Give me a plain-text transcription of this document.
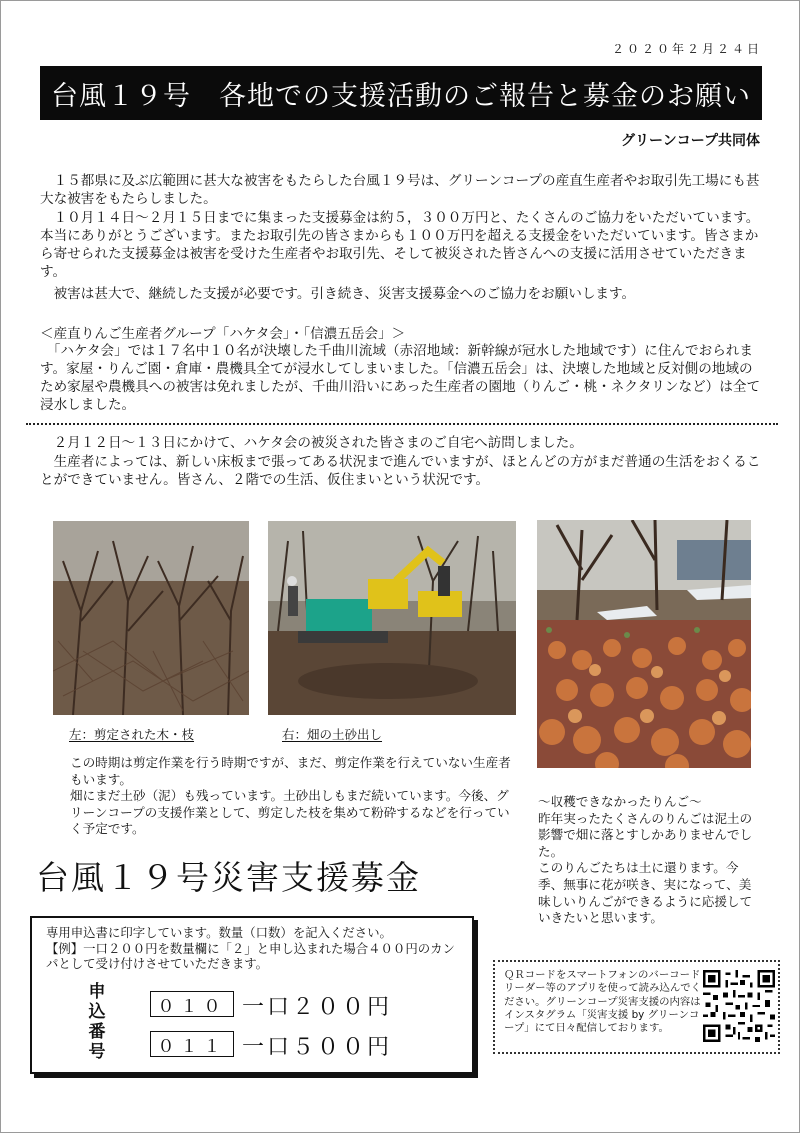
２０２０年２月２４日
台風１９号　各地での支援活動のご報告と募金のお願い
グリーンコープ共同体

　１５都県に及ぶ広範囲に甚大な被害をもたらした台風１９号は、グリーンコープの産直生産者やお取引先工場にも甚大な被害をもたらしました。

　１０月１４日～２月１５日までに集まった支援募金は約５，３００万円と、たくさんのご協力をいただいています。本当にありがとうございます。またお取引先の皆さまからも１００万円を超える支援金をいただいています。皆さまから寄せられた支援募金は被害を受けた生産者やお取引先、そして被災された皆さんへの支援に活用させていただきます。

　被害は甚大で、継続した支援が必要です。引き続き、災害支援募金へのご協力をお願いします。

＜産直りんご生産者グループ「ハケタ会」・「信濃五岳会」＞

　「ハケタ会」では１７名中１０名が決壊した千曲川流域（赤沼地域：新幹線が冠水した地域です）に住んでおられます。家屋・りんご園・倉庫・農機具全てが浸水してしまいました。「信濃五岳会」は、決壊した地域と反対側の地域のため家屋や農機具への被害は免れましたが、千曲川沿いにあった生産者の園地（りんご・桃・ネクタリンなど）は全て浸水しました。

　２月１２日～１３日にかけて、ハケタ会の被災された皆さまのご自宅へ訪問しました。

　生産者によっては、新しい床板まで張ってある状況まで進んでいますが、ほとんどの方がまだ普通の生活をおくることができていません。皆さん、２階での生活、仮住まいという状況です。

左：剪定された木・枝	右：畑の土砂出し

この時期は剪定作業を行う時期ですが、まだ、剪定作業を行えていない生産者もいます。
畑にまだ土砂（泥）も残っています。土砂出しもまだ続いています。今後、グリーンコープの支援作業として、剪定した枝を集めて粉砕するなどを行っていく予定です。

～収穫できなかったりんご～
昨年実ったたくさんのりんごは泥土の影響で畑に落とすしかありませんでした。
このりんごたちは土に還ります。今季、無事に花が咲き、実になって、美味しいりんごができるように応援していきたいと思います。

台風１９号災害支援募金

専用申込書に印字しています。数量（口数）を記入ください。
【例】一口２００円を数量欄に「２」と申し込まれた場合４００円のカンパとして受け付けさせていただきます。

申込番号
０１０ 一口２００円
０１１ 一口５００円

ＱＲコードをスマートフォンのバーコードリーダー等のアプリを使って読み込んでください。グリーンコープ災害支援の内容はインスタグラム「災害支援 by グリーンコープ」にて日々配信しております。
